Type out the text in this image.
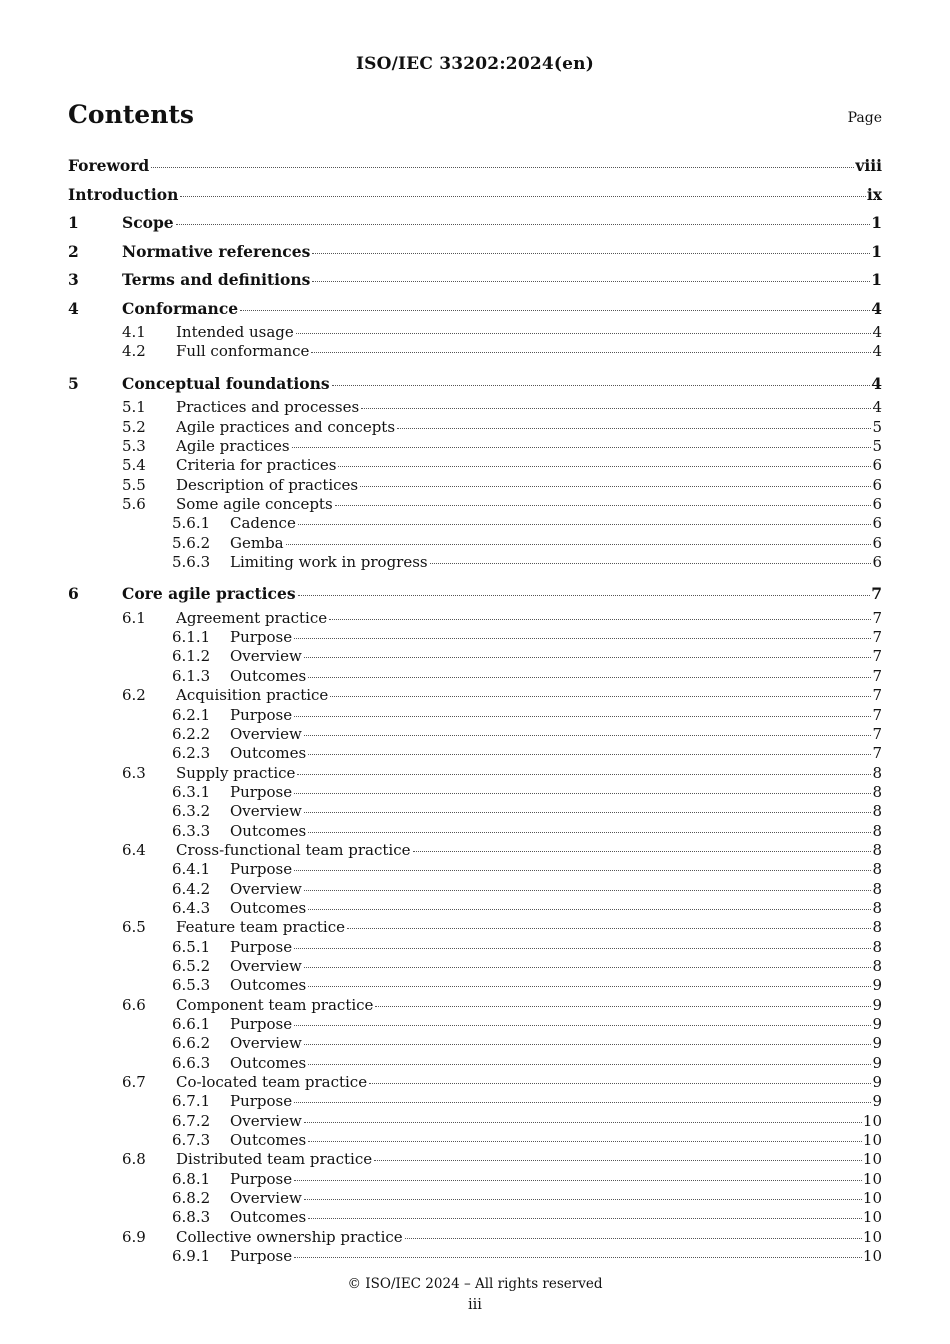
ISO/IEC 33202:2024(en)
Contents	Page
Foreword	viii
Introduction	ix
1	Scope	1
2	Normative references	1
3	Terms and definitions	1
4	Conformance	4
4.1	Intended usage	4
4.2	Full conformance	4
5	Conceptual foundations	4
5.1	Practices and processes	4
5.2	Agile practices and concepts	5
5.3	Agile practices	5
5.4	Criteria for practices	6
5.5	Description of practices	6
5.6	Some agile concepts	6
5.6.1	Cadence	6
5.6.2	Gemba	6
5.6.3	Limiting work in progress	6
6	Core agile practices	7
6.1	Agreement practice	7
6.1.1	Purpose	7
6.1.2	Overview	7
6.1.3	Outcomes	7
6.2	Acquisition practice	7
6.2.1	Purpose	7
6.2.2	Overview	7
6.2.3	Outcomes	7
6.3	Supply practice	8
6.3.1	Purpose	8
6.3.2	Overview	8
6.3.3	Outcomes	8
6.4	Cross-functional team practice	8
6.4.1	Purpose	8
6.4.2	Overview	8
6.4.3	Outcomes	8
6.5	Feature team practice	8
6.5.1	Purpose	8
6.5.2	Overview	8
6.5.3	Outcomes	9
6.6	Component team practice	9
6.6.1	Purpose	9
6.6.2	Overview	9
6.6.3	Outcomes	9
6.7	Co-located team practice	9
6.7.1	Purpose	9
6.7.2	Overview	10
6.7.3	Outcomes	10
6.8	Distributed team practice	10
6.8.1	Purpose	10
6.8.2	Overview	10
6.8.3	Outcomes	10
6.9	Collective ownership practice	10
6.9.1	Purpose	10
© ISO/IEC 2024 – All rights reserved
iii
